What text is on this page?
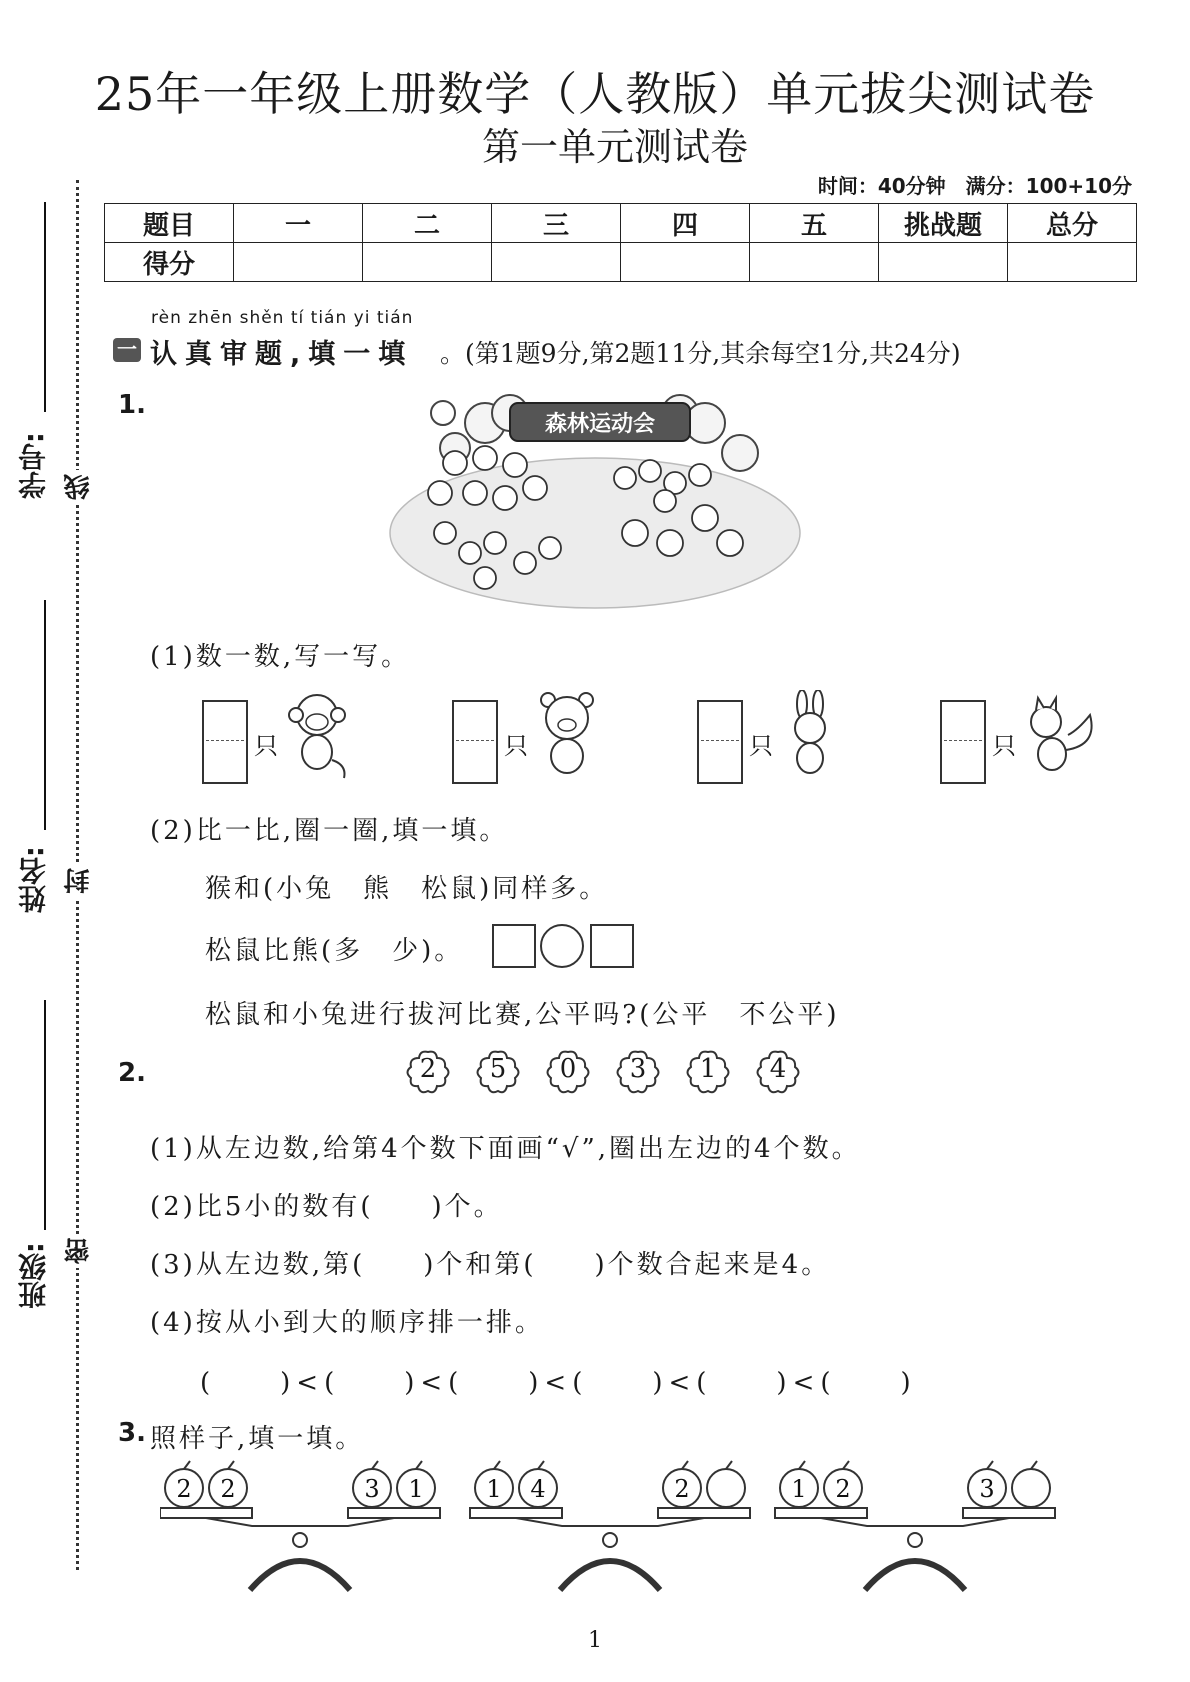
25年一年级上册数学（人教版）单元拔尖测试卷
第一单元测试卷
时间：40分钟　满分：100+10分
题目	一	二	三	四	五	挑战题	总分
得分							
学号:
姓名:
班级:
线
封
密
rèn zhēn shěn tí tián yi tián
一 认真审题,填一填 。(第1题9分,第2题11分,其余每空1分,共24分)
1.
森林运动会
(1)数一数,写一写。
只	只	只	只
(2)比一比,圈一圈,填一填。
猴和(小兔　熊　松鼠)同样多。
松鼠比熊(多　少)。
松鼠和小兔进行拔河比赛,公平吗?(公平　不公平)
2.	2	5	0	3	1	4
(1)从左边数,给第4个数下面画“√”,圈出左边的4个数。
(2)比5小的数有(　　)个。
(3)从左边数,第(　　)个和第(　　)个数合起来是4。
(4)按从小到大的顺序排一排。
(　　)<(　　)<(　　)<(　　)<(　　)<(　　)
3. 照样子,填一填。
2 2	3 1	1 4	2	1 2	3
1
